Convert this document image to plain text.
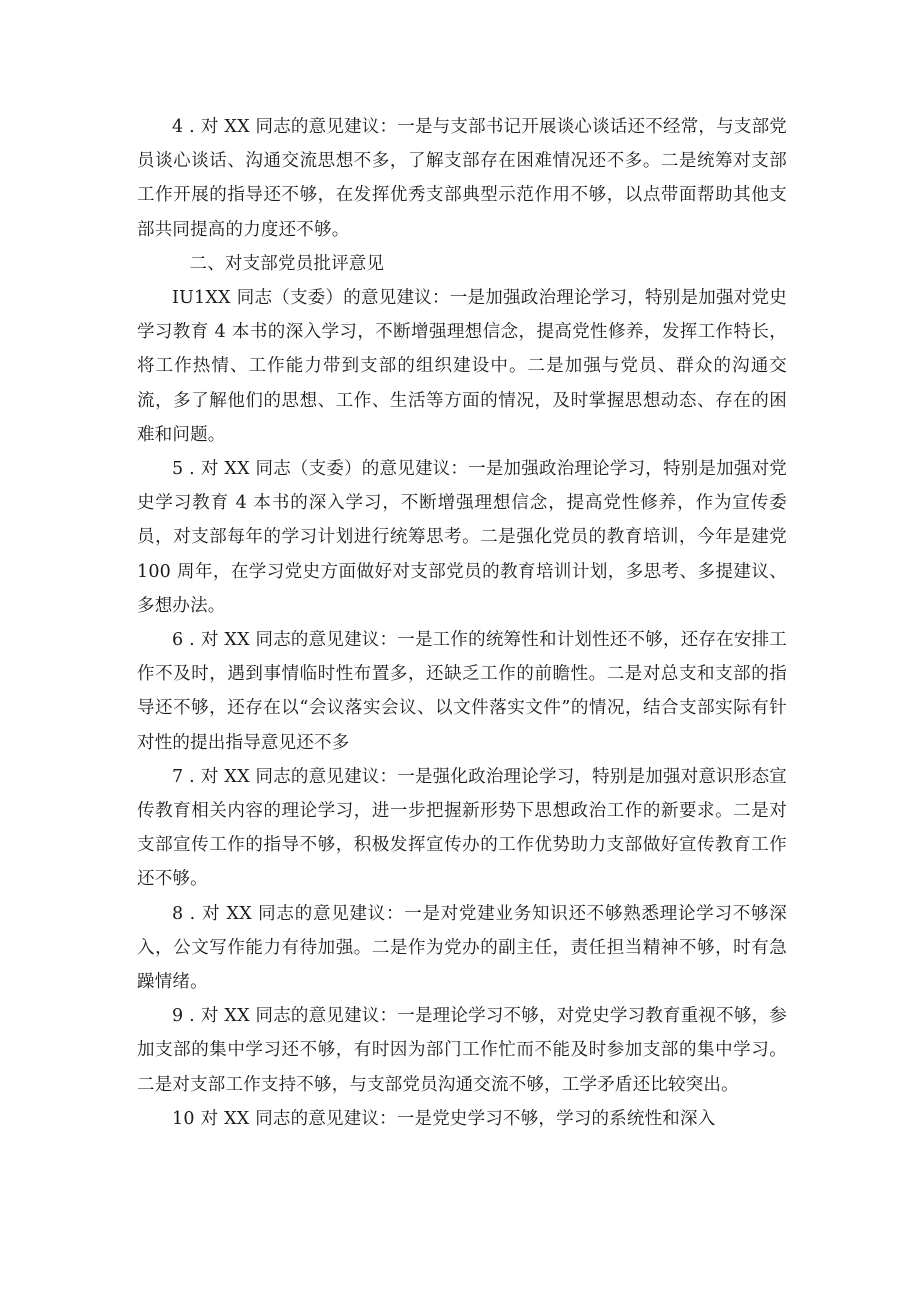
4 . 对 XX 同志的意见建议：一是与支部书记开展谈心谈话还不经常，与支部党员谈心谈话、沟通交流思想不多，了解支部存在困难情况还不多。二是统筹对支部工作开展的指导还不够，在发挥优秀支部典型示范作用不够，以点带面帮助其他支部共同提高的力度还不够。

二、对支部党员批评意见

IU1XX 同志（支委）的意见建议：一是加强政治理论学习，特别是加强对党史学习教育 4 本书的深入学习，不断增强理想信念，提高党性修养，发挥工作特长，将工作热情、工作能力带到支部的组织建设中。二是加强与党员、群众的沟通交流，多了解他们的思想、工作、生活等方面的情况，及时掌握思想动态、存在的困难和问题。

5 . 对 XX 同志（支委）的意见建议：一是加强政治理论学习，特别是加强对党史学习教育 4 本书的深入学习，不断增强理想信念，提高党性修养，作为宣传委员，对支部每年的学习计划进行统筹思考。二是强化党员的教育培训，今年是建党 100 周年，在学习党史方面做好对支部党员的教育培训计划，多思考、多提建议、多想办法。

6 . 对 XX 同志的意见建议：一是工作的统筹性和计划性还不够，还存在安排工作不及时，遇到事情临时性布置多，还缺乏工作的前瞻性。二是对总支和支部的指导还不够，还存在以“会议落实会议、以文件落实文件”的情况，结合支部实际有针对性的提出指导意见还不多

7 . 对 XX 同志的意见建议：一是强化政治理论学习，特别是加强对意识形态宣传教育相关内容的理论学习，进一步把握新形势下思想政治工作的新要求。二是对支部宣传工作的指导不够，积极发挥宣传办的工作优势助力支部做好宣传教育工作还不够。

8 . 对 XX 同志的意见建议：一是对党建业务知识还不够熟悉理论学习不够深入，公文写作能力有待加强。二是作为党办的副主任，责任担当精神不够，时有急躁情绪。

9 . 对 XX 同志的意见建议：一是理论学习不够，对党史学习教育重视不够，参加支部的集中学习还不够，有时因为部门工作忙而不能及时参加支部的集中学习。二是对支部工作支持不够，与支部党员沟通交流不够，工学矛盾还比较突出。

10 对 XX 同志的意见建议：一是党史学习不够，学习的系统性和深入
